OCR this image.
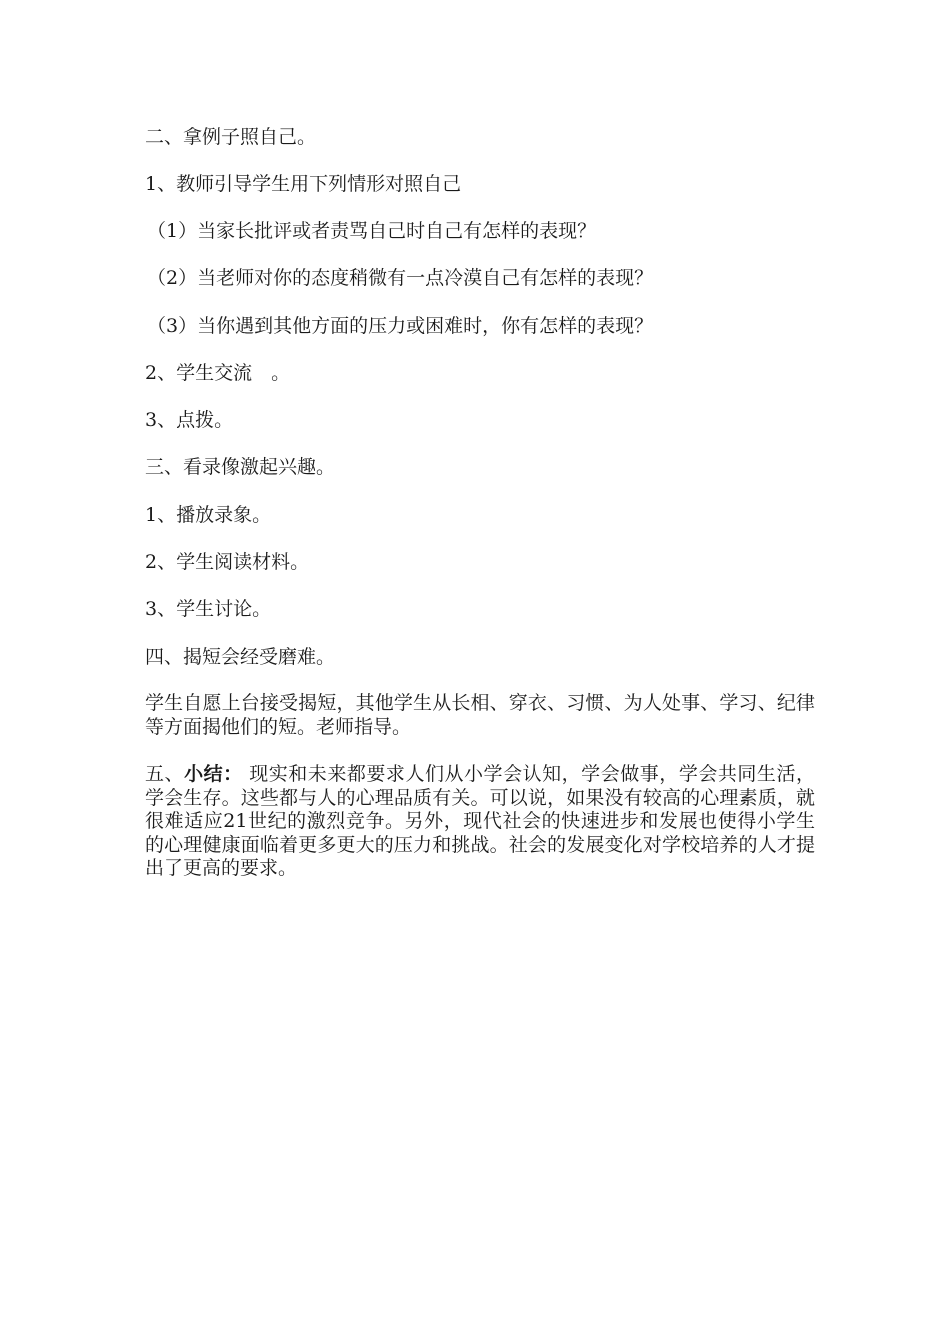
二、拿例子照自己。

1、教师引导学生用下列情形对照自己

（1）当家长批评或者责骂自己时自己有怎样的表现？

（2）当老师对你的态度稍微有一点冷漠自己有怎样的表现？

（3）当你遇到其他方面的压力或困难时，你有怎样的表现？

2、学生交流　。

3、点拨。

三、看录像激起兴趣。

1、播放录象。

2、学生阅读材料。

3、学生讨论。

四、揭短会经受磨难。

学生自愿上台接受揭短，其他学生从长相、穿衣、习惯、为人处事、学习、纪律等方面揭他们的短。老师指导。

五、小结： 现实和未来都要求人们从小学会认知，学会做事，学会共同生活，学会生存。这些都与人的心理品质有关。可以说，如果没有较高的心理素质，就很难适应21世纪的激烈竞争。另外，现代社会的快速进步和发展也使得小学生的心理健康面临着更多更大的压力和挑战。社会的发展变化对学校培养的人才提出了更高的要求。
